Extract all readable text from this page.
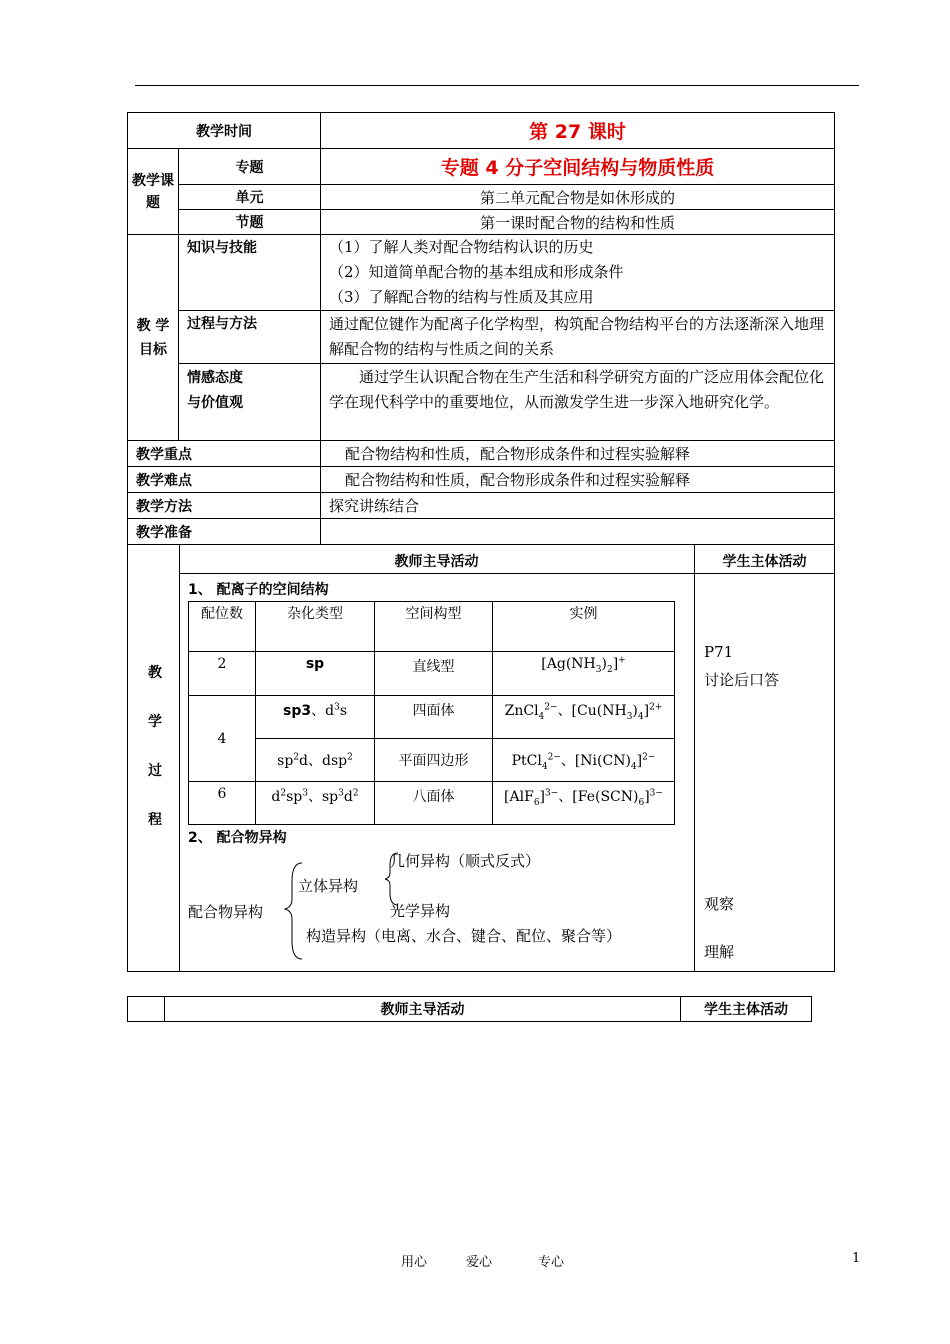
教学时间	第 27 课时
教学课题	专题	专题 4 分子空间结构与物质性质
单元	第二单元配合物是如休形成的
节题	第一课时配合物的结构和性质
教 学 目标	知识与技能	（1）了解人类对配合物结构认识的历史
（2）知道简单配合物的基本组成和形成条件
（3）了解配合物的结构与性质及其应用

过程与方法	通过配位键作为配离子化学构型，构筑配合物结构平台的方法逐渐深入地理解配合物的结构与性质之间的关系

情感态度
与价值观
	通过学生认识配合物在生产生活和科学研究方面的广泛应用体会配位化学在现代科学中的重要地位，从而激发学生进一步深入地研究化学。
教学重点	配合物结构和性质，配合物形成条件和过程实验解释
教学难点	配合物结构和性质，配合物形成条件和过程实验解释
教学方法	探究讲练结合
教学准备	

教
学
过
程
教师主导活动	学生主体活动
1、 配离子的空间结构
配位数	杂化类型	空间构型	实例
2	sp	直线型	$[Ag(NH_3)_2]^+$
4	sp3、$d^3s$	四面体	ZnCl$_4^{2-}$、$[Cu(NH_3)_4]^{2+}$
$sp^2d$、dsp$^2$	平面四边形	PtCl$_4^{2-}$、$[Ni(CN)_4]^{2-}$
6	$d^2sp^3$、$sp^3d^2$	八面体	$[AlF_6]^{3-}$、$[Fe(SCN)_6]^{3-}$
2、 配合物异构
配合物异构
立体异构
几何异构（顺式反式）
光学异构
构造异构（电离、水合、键合、配位、聚合等）
P71
讨论后口答
观察
理解
	教师主导活动	学生主体活动
用心	爱心	专心	1
